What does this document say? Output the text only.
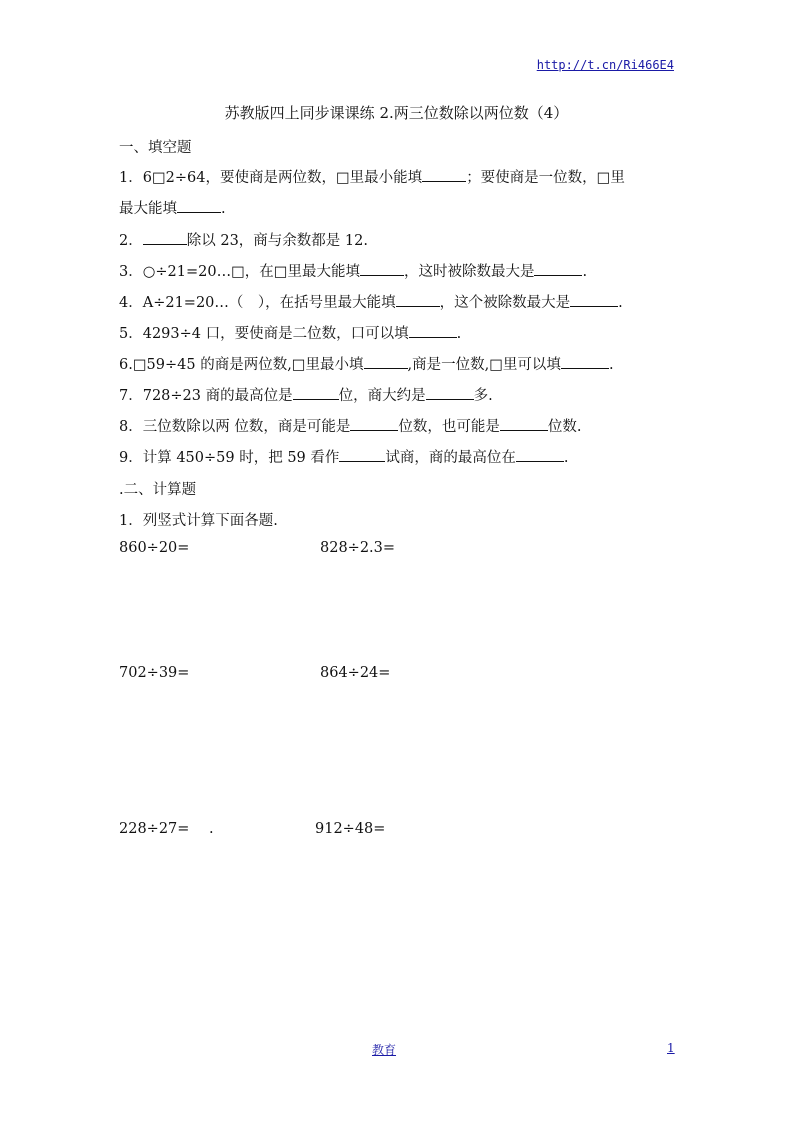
http://t.cn/Ri466E4
苏教版四上同步课课练 2.两三位数除以两位数（4）
一、填空题
1．6□2÷64，要使商是两位数，□里最小能填	；要使商是一位数，□里
最大能填	.
2．	除以 23，商与余数都是 12.
3．○÷21=20…□，在□里最大能填	，这时被除数最大是	.
4．A÷21=20…（　），在括号里最大能填	，这个被除数最大是	.
5．4293÷4 口，要使商是二位数，口可以填	.
6.□59÷45 的商是两位数,□里最小填	,商是一位数,□里可以填	.
7．728÷23 商的最高位是	位，商大约是	多.
8．三位数除以两 位数，商是可能是	位数，也可能是	位数.
9．计算 450÷59 时，把 59 看作	试商，商的最高位在	.
.二、计算题
1．列竖式计算下面各题.
860÷20=	828÷2.3=
702÷39=	864÷24=
228÷27= .	912÷48=
教育	1
